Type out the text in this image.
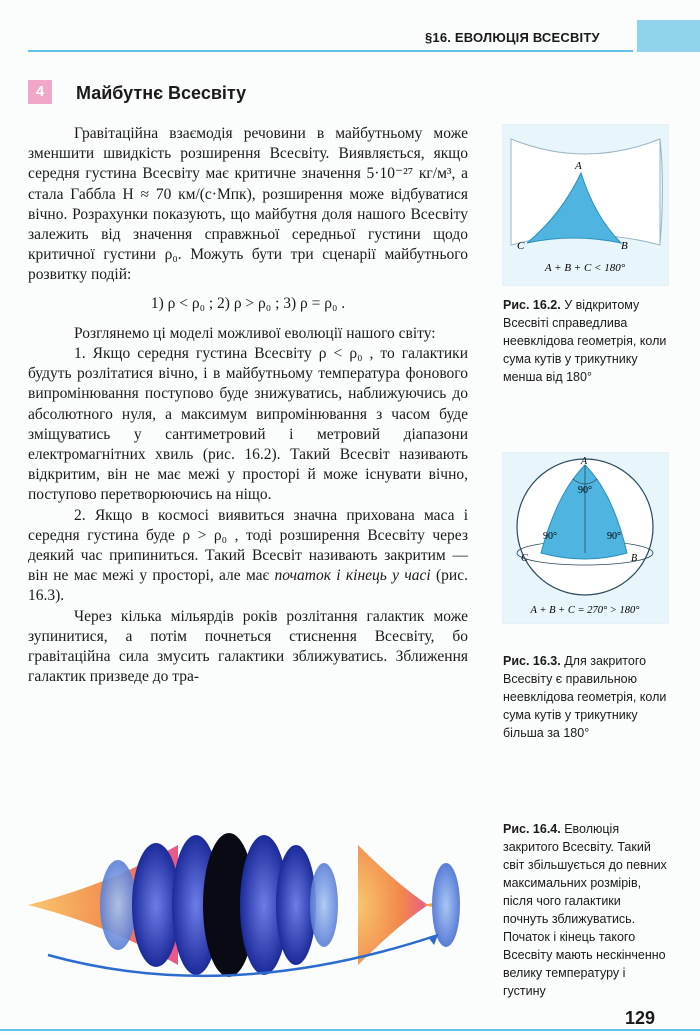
§16. ЕВОЛЮЦІЯ ВСЕСВІТУ
4	Майбутнє Всесвіту

Гравітаційна взаємодія речовини в майбутньому може зменшити швидкість розширення Всесвіту. Виявляється, якщо середня густина Всесвіту має критичне значення 5·10⁻²⁷ кг/м³, а стала Габбла H ≈ 70 км/(с·Мпк), розширення може відбуватися вічно. Розрахунки показують, що майбутня доля нашого Всесвіту залежить від значення справжньої середньої густини щодо критичної густини ρ₀. Можуть бути три сценарії майбутнього розвитку подій:

1) ρ < ρ₀ ; 2) ρ > ρ₀ ; 3) ρ = ρ₀ .

Розглянемо ці моделі можливої еволюції нашого світу:

1. Якщо середня густина Всесвіту ρ < ρ₀ , то галактики будуть розлітатися вічно, і в майбутньому температура фонового випромінювання поступово буде знижуватись, наближуючись до абсолютного нуля, а максимум випромінювання з часом буде зміщуватись у сантиметровий і метровий діапазони електромагнітних хвиль (рис. 16.2). Такий Всесвіт називають відкритим, він не має межі у просторі й може існувати вічно, поступово перетворюючись на ніщо.

2. Якщо в космосі виявиться значна прихована маса і середня густина буде ρ > ρ₀ , тоді розширення Всесвіту через деякий час припиниться. Такий Всесвіт називають закритим — він не має межі у просторі, але має початок і кінець у часі (рис. 16.3).

Через кілька мільярдів років розлітання галактик може зупинитися, а потім почнеться стиснення Всесвіту, бо гравітаційна сила змусить галактики зближуватись. Зближення галактик призведе до тра-

A
C	B
A + B + C < 180°
Рис. 16.2. У відкритому Всесвіті справедлива неевклідова геометрія, коли сума кутів у трикутнику менша від 180°
A
90°
90°	90°
C	B
A + B + C = 270° > 180°
Рис. 16.3. Для закритого Всесвіту є правильною неевклідова геометрія, коли сума кутів у трикутнику більша за 180°
Рис. 16.4. Еволюція закритого Всесвіту. Такий світ збільшується до певних максимальних розмірів, після чого галактики почнуть зближуватись. Початок і кінець такого Всесвіту мають нескінченно велику температуру і густину
129
